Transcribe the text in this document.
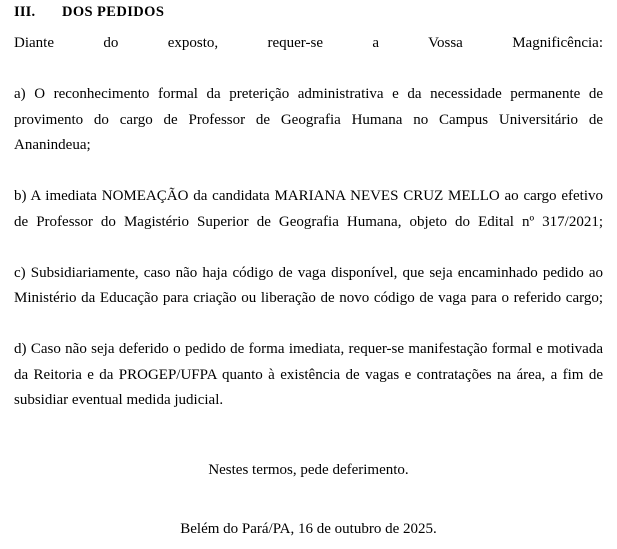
III.	DOS PEDIDOS

Diante do exposto, requer-se a Vossa Magnificência:

a) O reconhecimento formal da preterição administrativa e da necessidade permanente de provimento do cargo de Professor de Geografia Humana no Campus Universitário de Ananindeua;

b) A imediata NOMEAÇÃO da candidata MARIANA NEVES CRUZ MELLO ao cargo efetivo de Professor do Magistério Superior de Geografia Humana, objeto do Edital nº 317/2021;

c) Subsidiariamente, caso não haja código de vaga disponível, que seja encaminhado pedido ao Ministério da Educação para criação ou liberação de novo código de vaga para o referido cargo;

d) Caso não seja deferido o pedido de forma imediata, requer-se manifestação formal e motivada da Reitoria e da PROGEP/UFPA quanto à existência de vagas e contratações na área, a fim de subsidiar eventual medida judicial.

Nestes termos, pede deferimento.
Belém do Pará/PA, 16 de outubro de 2025.
